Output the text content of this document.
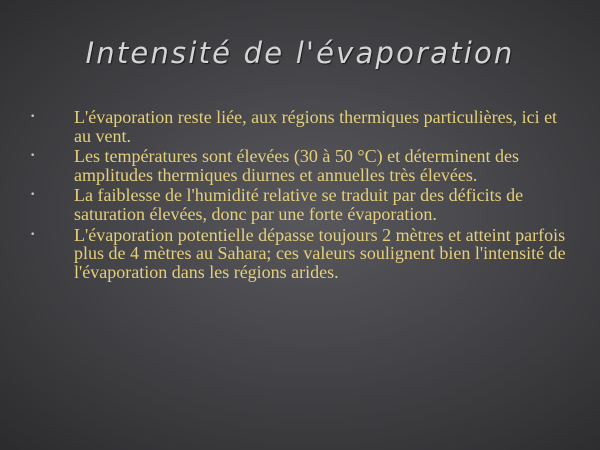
Intensité de l'évaporation
• L'évaporation reste liée, aux régions thermiques particulières, ici et au vent.
• Les températures sont élevées (30 à 50 °C) et déterminent des amplitudes thermiques diurnes et annuelles très élevées.
• La faiblesse de l'humidité relative se traduit par des déficits de saturation élevées, donc par une forte évaporation.
• L'évaporation potentielle dépasse toujours 2 mètres et atteint parfois plus de 4 mètres au Sahara; ces valeurs soulignent bien l'intensité de l'évaporation dans les régions arides.
